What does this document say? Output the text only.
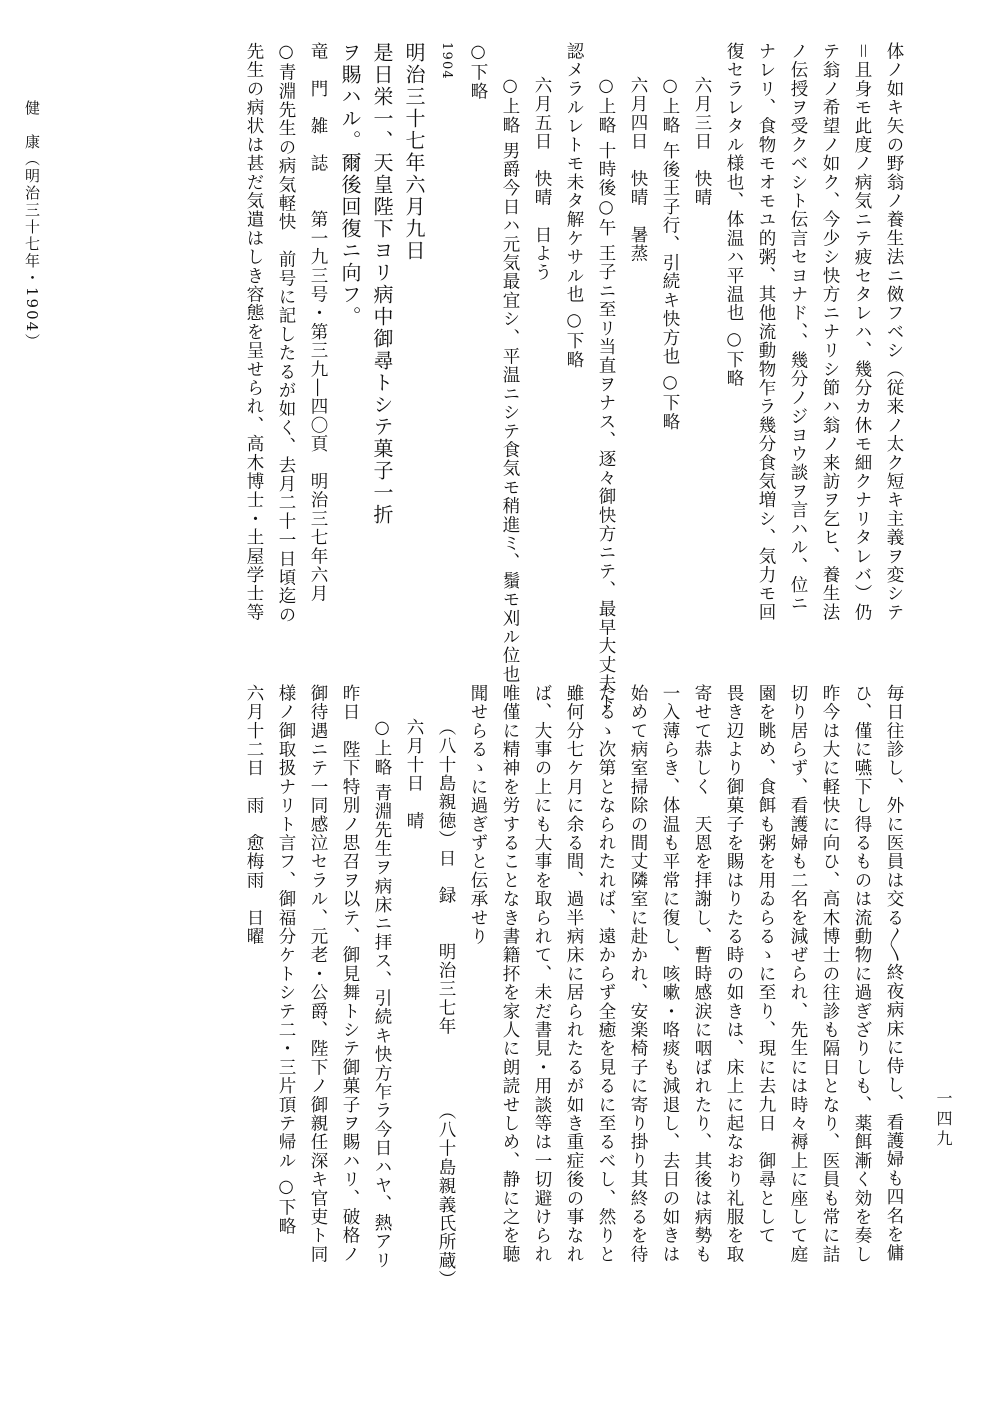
健　康（明治三十七年・1904）
一四九
体ノ如キ矢の野翁ノ養生法ニ傚フベシ（従来ノ太ク短キ主義ヲ変シテ
＝且身モ此度ノ病気ニテ疲セタレハ、幾分カ休モ細クナリタレバ）仍
テ翁ノ希望ノ如ク、今少シ快方ニナリシ節ハ翁ノ来訪ヲ乞ヒ、養生法
ノ伝授ヲ受クベシト伝言セヨナド、、幾分ノジヨウ談ヲ言ハル、位ニ
ナレリ、食物モオモユ的粥、其他流動物乍ラ幾分食気増シ、気力モ回
復セラレタル様也、体温ハ平温也 ○下略
六月三日　快晴
○上略 午後王子行、引続キ快方也 ○下略
六月四日　快晴　暑蒸
○上略 十時後○午 王子ニ至リ当直ヲナス、逐々御快方ニテ、最早大丈夫ト
認メラルレトモ未タ解ケサル也 ○下略
六月五日　快晴　日よう
○上略 男爵今日ハ元気最宜シ、平温ニシテ食気モ稍進ミ、鬚モ刈ル位也
○下略
1904
明治三十七年六月九日
是日栄一、天皇陛下ヨリ病中御尋トシテ菓子一折
ヲ賜ハル。爾後回復ニ向フ。
竜　門　雑　誌　　第一九三号・第三九―四〇頁　明治三七年六月
○青淵先生の病気軽快　前号に記したるが如く、去月二十一日頃迄の
先生の病状は甚だ気遣はしき容態を呈せられ、高木博士・土屋学士等
毎日往診し、外に医員は交る〳〵終夜病床に侍し、看護婦も四名を傭
ひ、僅に嚥下し得るものは流動物に過ぎざりしも、薬餌漸く効を奏し
昨今は大に軽快に向ひ、高木博士の往診も隔日となり、医員も常に詰
切り居らず、看護婦も二名を減ぜられ、先生には時々褥上に座して庭
園を眺め、食餌も粥を用ゐらるゝに至り、現に去九日　御尋として
畏き辺より御菓子を賜はりたる時の如きは、床上に起なおり礼服を取
寄せて恭しく　天恩を拝謝し、暫時感涙に咽ばれたり、其後は病勢も
一入薄らき、体温も平常に復し、咳嗽・咯痰も減退し、去日の如きは
始めて病室掃除の間丈隣室に赴かれ、安楽椅子に寄り掛り其終るを待
たるゝ次第となられたれば、遠からず全癒を見るに至るべし、然りと
雖何分七ケ月に余る間、過半病床に居られたるが如き重症後の事なれ
ば、大事の上にも大事を取られて、未だ書見・用談等は一切避けられ
唯僅に精神を労することなき書籍抔を家人に朗読せしめ、静に之を聴
聞せらるゝに過ぎずと伝承せり
（八十島親徳）日　録　　明治三七年　　　　（八十島親義氏所蔵）
六月十日　晴
○上略 青淵先生ヲ病床ニ拝ス、引続キ快方乍ラ今日ハヤ、熱アリ
昨日　陛下特別ノ思召ヲ以テ、御見舞トシテ御菓子ヲ賜ハリ、破格ノ
御待遇ニテ一同感泣セラル、元老・公爵、陛下ノ御親任深キ官吏ト同
様ノ御取扱ナリト言フ、御福分ケトシテ二・三片頂テ帰ル ○下略
六月十二日　雨　愈梅雨　日曜
